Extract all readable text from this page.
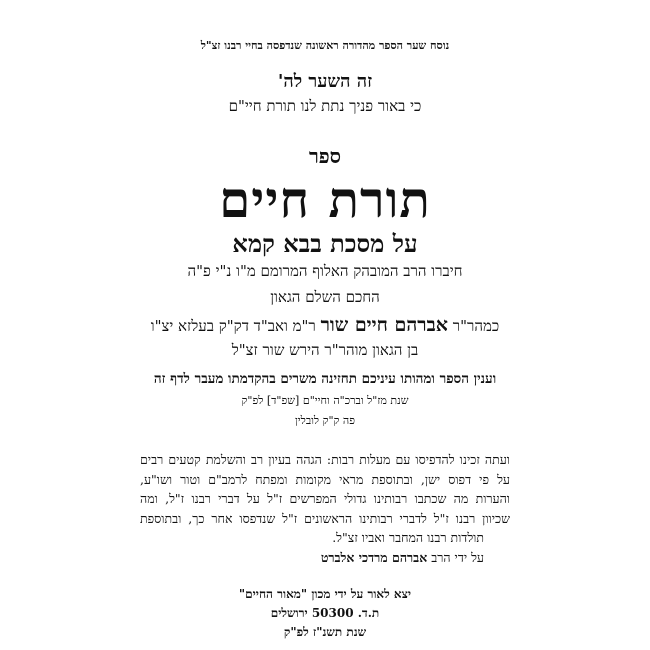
נוסח שער הספר מהדורה ראשונה שנדפסה בחיי רבנו זצ"ל
זה השער לה'
כי באור פניך נתת לנו תורת חיי"ם
ספר
תורת חיים
על מסכת בבא קמא
חיברו הרב המובהק האלוף המרומם מ"ו נ"י פ"ה
החכם השלם הגאון
כמהר"ר אברהם חיים שור ר"מ ואב"ד דק"ק בעלזא יצ"ו
בן הגאון מוהר"ר הירש שור זצ"ל
וענין הספר ומהותו עיניכם תחזינה משרים בהקדמתו מעבר לדף זה
שנת מז"ל וברכ"ה וחיי"ם [שפ"ד] לפ"ק
פה ק"ק לובלין
ועתה זכינו להדפיסו עם מעלות רבות: הגהה בעיון רב והשלמת קטעים רבים
על פי דפוס ישן, ובתוספת מראי מקומות ומפתח לרמב"ם וטור ושו"ע,
והערות מה שכתבו רבותינו גדולי המפרשים ז"ל על דברי רבנו ז"ל, ומה
שכיוון רבנו ז"ל לדברי רבותינו הראשונים ז"ל שנדפסו אחר כך, ובתוספת
תולדות רבנו המחבר ואביו זצ"ל.
על ידי הרב אברהם מרדכי אלברט
יצא לאור על ידי מכון "מאור החיים"
ת.ד. 50300 ירושלים
שנת תשנ"ז לפ"ק
